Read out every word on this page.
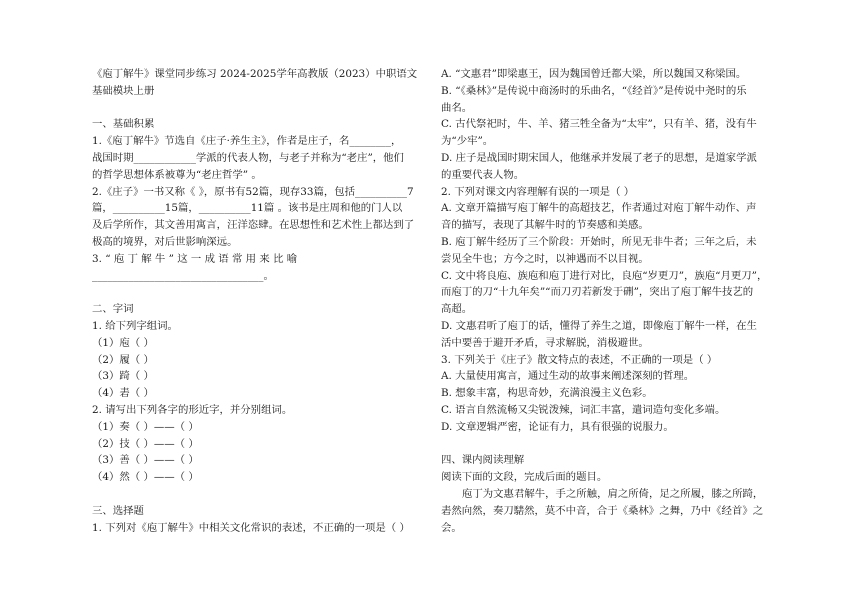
《庖丁解牛》课堂同步练习 2024-2025学年高教版（2023）中职语文
基础模块上册
一、基础积累
1.《庖丁解牛》节选自《庄子·养生主》，作者是庄子，名________，
战国时期____________学派的代表人物，与老子并称为“老庄”，他们
的哲学思想体系被尊为“老庄哲学” 。
2.《庄子》一书又称《 》，原书有52篇，现存33篇，包括__________7
篇，__________15篇，__________11篇 。该书是庄周和他的门人以
及后学所作，其文善用寓言，汪洋恣肆。在思想性和艺术性上都达到了
极高的境界，对后世影响深远。
3. “ 庖 丁 解 牛 ” 这 一 成 语 常 用 来 比 喻
_________________________________。
二、字词
1. 给下列字组词。
（1）庖（ ）
（2）履（ ）
（3）踦（ ）
（4）砉（ ）
2. 请写出下列各字的形近字，并分别组词。
（1）奏（ ）——（ ）
（2）技（ ）——（ ）
（3）善（ ）——（ ）
（4）然（ ）——（ ）
三、选择题
1. 下列对《庖丁解牛》中相关文化常识的表述，不正确的一项是（ ）
A. “文惠君”即梁惠王，因为魏国曾迁都大梁，所以魏国又称梁国。
B. “《桑林》”是传说中商汤时的乐曲名，“《经首》”是传说中尧时的乐
曲名。
C. 古代祭祀时，牛、羊、猪三牲全备为“太牢”，只有羊、猪，没有牛
为“少牢”。
D. 庄子是战国时期宋国人，他继承并发展了老子的思想，是道家学派
的重要代表人物。
2. 下列对课文内容理解有误的一项是（ ）
A. 文章开篇描写庖丁解牛的高超技艺，作者通过对庖丁解牛动作、声
音的描写，表现了其解牛时的节奏感和美感。
B. 庖丁解牛经历了三个阶段：开始时，所见无非牛者；三年之后，未
尝见全牛也；方今之时，以神遇而不以目视。
C. 文中将良庖、族庖和庖丁进行对比，良庖“岁更刀”，族庖“月更刀”，
而庖丁的刀“十九年矣”“而刀刃若新发于硎”，突出了庖丁解牛技艺的
高超。
D. 文惠君听了庖丁的话，懂得了养生之道，即像庖丁解牛一样，在生
活中要善于避开矛盾，寻求解脱，消极避世。
3. 下列关于《庄子》散文特点的表述，不正确的一项是（ ）
A. 大量使用寓言，通过生动的故事来阐述深刻的哲理。
B. 想象丰富，构思奇妙，充满浪漫主义色彩。
C. 语言自然流畅又尖锐泼辣，词汇丰富，遣词造句变化多端。
D. 文章逻辑严密，论证有力，具有很强的说服力。
四、课内阅读理解
阅读下面的文段，完成后面的题目。
庖丁为文惠君解牛，手之所触，肩之所倚，足之所履，膝之所踦，
砉然向然，奏刀騞然，莫不中音，合于《桑林》之舞，乃中《经首》之
会。
